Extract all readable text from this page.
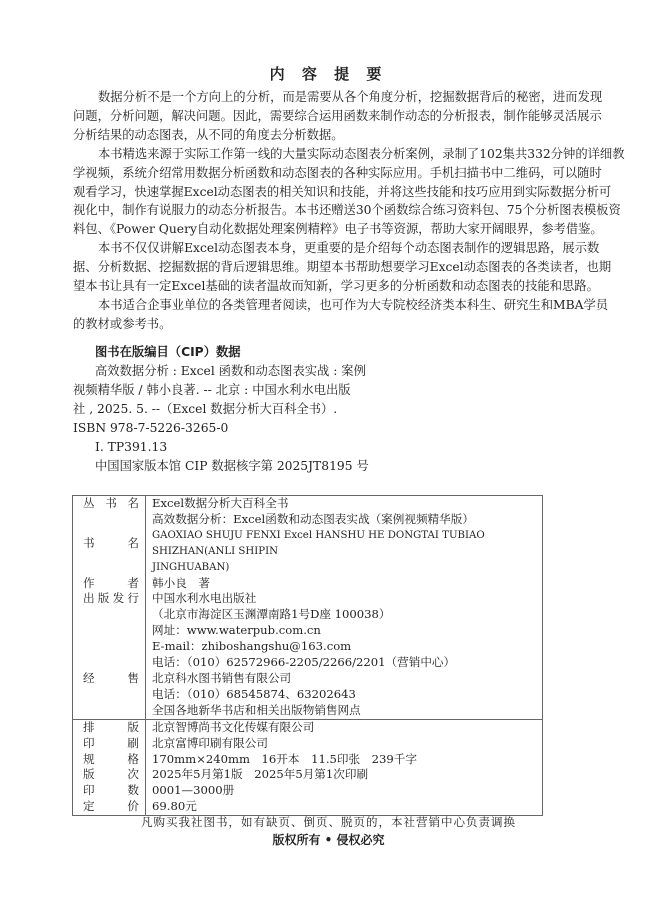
内 容 提 要
数据分析不是一个方向上的分析，而是需要从各个角度分析，挖掘数据背后的秘密，进而发现
问题，分析问题，解决问题。因此，需要综合运用函数来制作动态的分析报表，制作能够灵活展示
分析结果的动态图表，从不同的角度去分析数据。
本书精选来源于实际工作第一线的大量实际动态图表分析案例，录制了102集共332分钟的详细教
学视频，系统介绍常用数据分析函数和动态图表的各种实际应用。手机扫描书中二维码，可以随时
观看学习，快速掌握Excel动态图表的相关知识和技能，并将这些技能和技巧应用到实际数据分析可
视化中，制作有说服力的动态分析报告。本书还赠送30个函数综合练习资料包、75个分析图表模板资
料包、《Power Query自动化数据处理案例精粹》电子书等资源，帮助大家开阔眼界，参考借鉴。
本书不仅仅讲解Excel动态图表本身，更重要的是介绍每个动态图表制作的逻辑思路，展示数
据、分析数据、挖掘数据的背后逻辑思维。期望本书帮助想要学习Excel动态图表的各类读者，也期
望本书让具有一定Excel基础的读者温故而知新，学习更多的分析函数和动态图表的技能和思路。
本书适合企事业单位的各类管理者阅读，也可作为大专院校经济类本科生、研究生和MBA学员
的教材或参考书。
图书在版编目（CIP）数据
高效数据分析 : Excel 函数和动态图表实战 : 案例
视频精华版 / 韩小良著. -- 北京 : 中国水利水电出版
社 , 2025. 5. --（Excel 数据分析大百科全书）.
ISBN 978-7-5226-3265-0
Ⅰ. TP391.13
中国国家版本馆 CIP 数据核字第 2025JT8195 号
丛书名	Excel数据分析大百科全书
书名	高效数据分析：Excel函数和动态图表实战（案例视频精华版）
	GAOXIAO SHUJU FENXI Excel HANSHU HE DONGTAI TUBIAO SHIZHAN(ANLI SHIPIN
	JINGHUABAN)
作者	韩小良　著
出版发行	中国水利水电出版社
	（北京市海淀区玉渊潭南路1号D座 100038）
	网址：www.waterpub.com.cn
	E-mail：zhiboshangshu@163.com
	电话：（010）62572966-2205/2266/2201（营销中心）
经售	北京科水图书销售有限公司
	电话：（010）68545874、63202643
	全国各地新华书店和相关出版物销售网点
排版	北京智博尚书文化传媒有限公司
印刷	北京富博印刷有限公司
规格	170mm×240mm　16开本　11.5印张　239千字
版次	2025年5月第1版　2025年5月第1次印刷
印数	0001—3000册
定价	69.80元
凡购买我社图书，如有缺页、倒页、脱页的，本社营销中心负责调换
版权所有 • 侵权必究
